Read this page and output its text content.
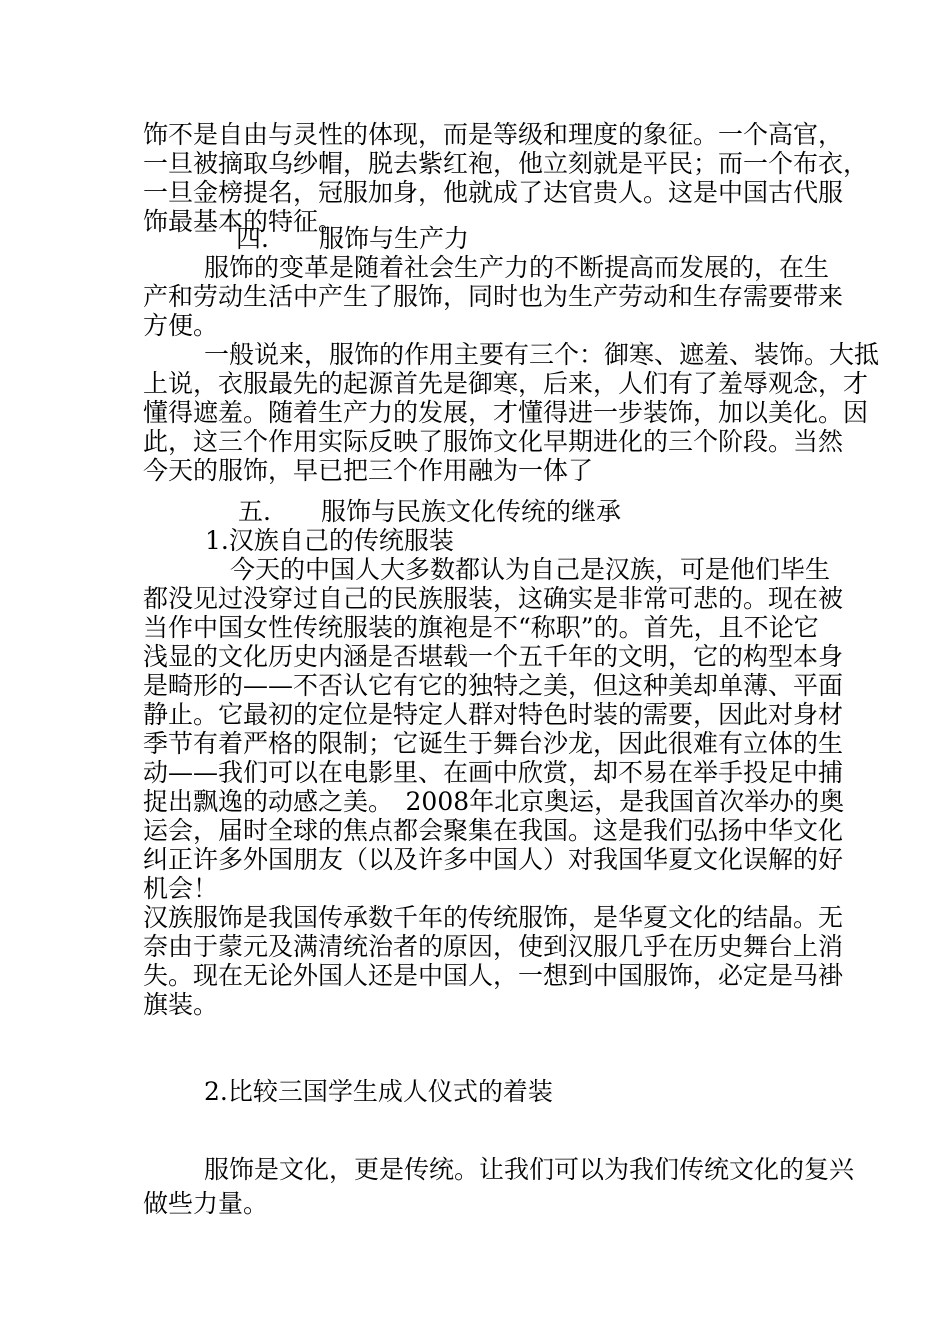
饰不是自由与灵性的体现，而是等级和理度的象征。一个高官，
一旦被摘取乌纱帽，脱去紫红袍，他立刻就是平民；而一个布衣，
一旦金榜提名，冠服加身，他就成了达官贵人。这是中国古代服
饰最基本的特征。
四.　　服饰与生产力
服饰的变革是随着社会生产力的不断提高而发展的，在生
产和劳动生活中产生了服饰，同时也为生产劳动和生存需要带来
方便。
一般说来，服饰的作用主要有三个：御寒、遮羞、装饰。大抵
上说，衣服最先的起源首先是御寒，后来，人们有了羞辱观念，才
懂得遮羞。随着生产力的发展，才懂得进一步装饰，加以美化。因
此，这三个作用实际反映了服饰文化早期进化的三个阶段。当然
今天的服饰，早已把三个作用融为一体了
五.　　服饰与民族文化传统的继承
1.汉族自己的传统服装
今天的中国人大多数都认为自己是汉族，可是他们毕生
都没见过没穿过自己的民族服装，这确实是非常可悲的。现在被
当作中国女性传统服装的旗袍是不“称职”的。首先，且不论它
浅显的文化历史内涵是否堪载一个五千年的文明，它的构型本身
是畸形的——不否认它有它的独特之美，但这种美却单薄、平面
静止。它最初的定位是特定人群对特色时装的需要，因此对身材
季节有着严格的限制；它诞生于舞台沙龙，因此很难有立体的生
动——我们可以在电影里、在画中欣赏，却不易在举手投足中捕
捉出飘逸的动感之美。　2008年北京奥运，是我国首次举办的奥
运会，届时全球的焦点都会聚集在我国。这是我们弘扬中华文化
纠正许多外国朋友（以及许多中国人）对我国华夏文化误解的好
机会！
汉族服饰是我国传承数千年的传统服饰，是华夏文化的结晶。无
奈由于蒙元及满清统治者的原因，使到汉服几乎在历史舞台上消
失。现在无论外国人还是中国人，一想到中国服饰，必定是马褂
旗装。
2.比较三国学生成人仪式的着装
服饰是文化，更是传统。让我们可以为我们传统文化的复兴
做些力量。
